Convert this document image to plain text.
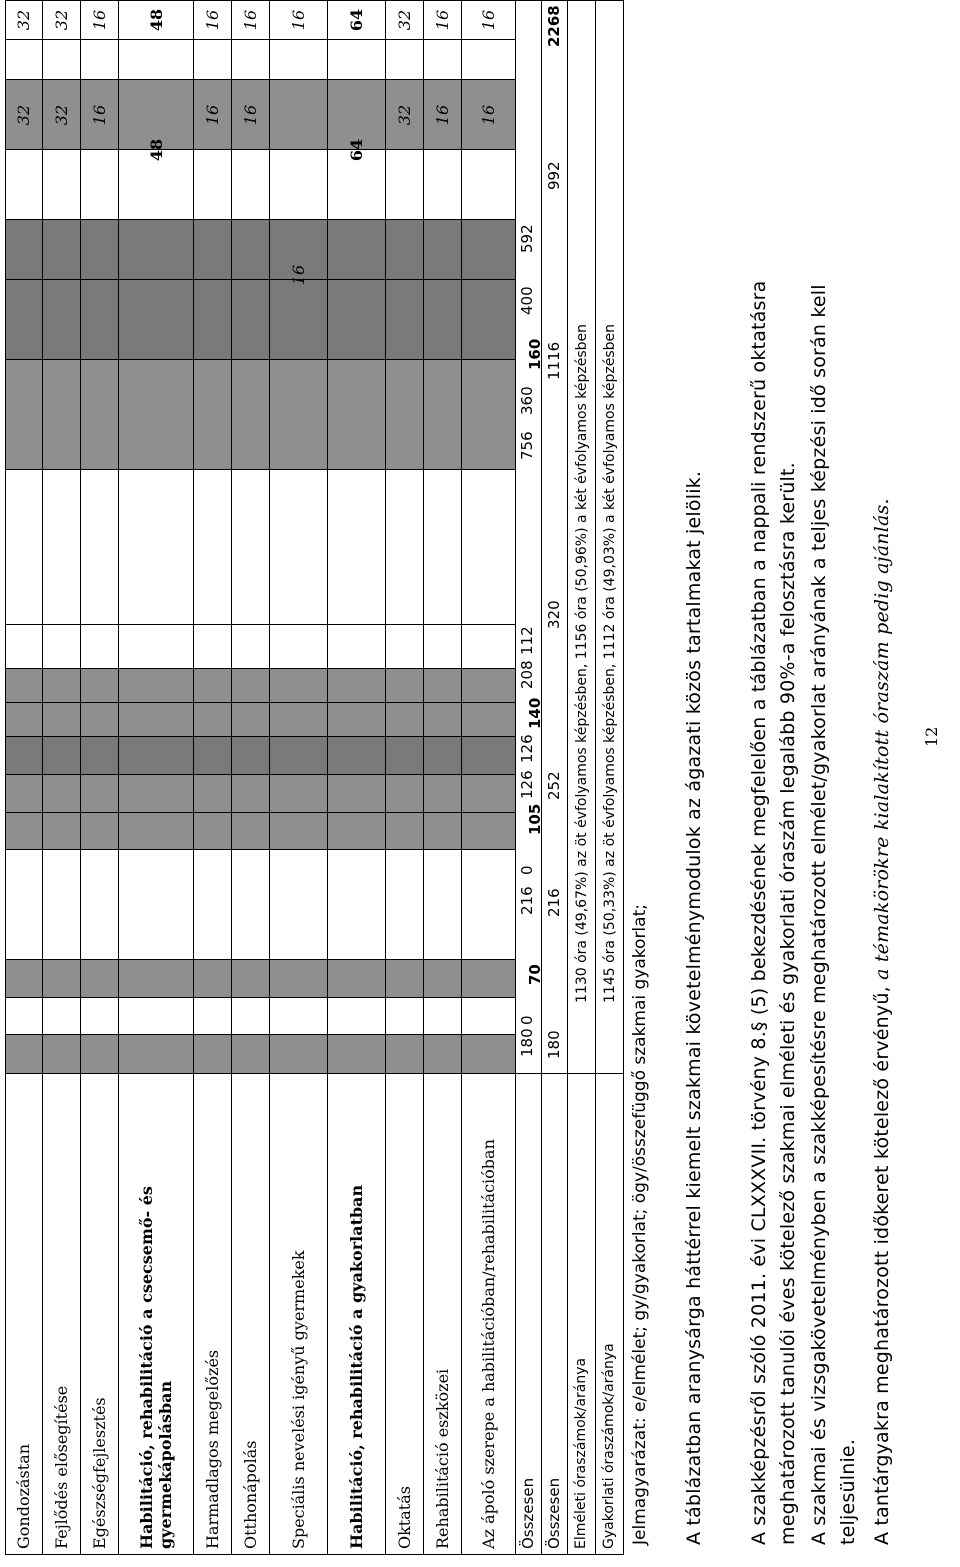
Gondozástan
32
32
Fejlődés elősegítése
32
32
Egészségfejlesztés
16
16
Habilitáció, rehabilitáció a csecsemő- és gyermekápolásban
48
48
Harmadlagos megelőzés
16
16
Otthonápolás
16
16
Speciális nevelési igényű gyermekek
16
16
Habilitáció, rehabilitáció a gyakorlatban
64
64
Oktatás
32
32
Rehabilitáció eszközei
16
16
Az ápoló szerepe a habilitációban/rehabilitációban
16
16
Összesen
180
0
70
216
0
105
126
126
140
208
112
756
360
160
400
592
Összesen
180
216
252
320
1116
992
2268
Elméleti óraszámok/aránya
1130 óra (49,67%) az öt évfolyamos képzésben, 1156 óra (50,96%) a két évfolyamos képzésben
Gyakorlati óraszámok/aránya
1145 óra (50,33%) az öt évfolyamos képzésben, 1112 óra (49,03%) a két évfolyamos képzésben
Jelmagyarázat: e/elmélet; gy/gyakorlat; ögy/összefüggő szakmai gyakorlat; A táblázatban aranysárga háttérrel kiemelt szakmai követelménymodulok az ágazati közös tartalmakat jelölik. A szakképzésről szóló 2011. évi CLXXXVII. törvény 8.§ (5) bekezdésének megfelelően a táblázatban a nappali rendszerű oktatásra meghatározott tanulói éves kötelező szakmai elméleti és gyakorlati óraszám legalább 90%-a felosztásra került. A szakmai és vizsgakövetelményben a szakképesítésre meghatározott elmélet/gyakorlat arányának a teljes képzési idő során kell teljesülnie. A tantárgyakra meghatározott időkeret kötelező érvényű, a témakörökre kialakított óraszám pedig ajánlás. 12
